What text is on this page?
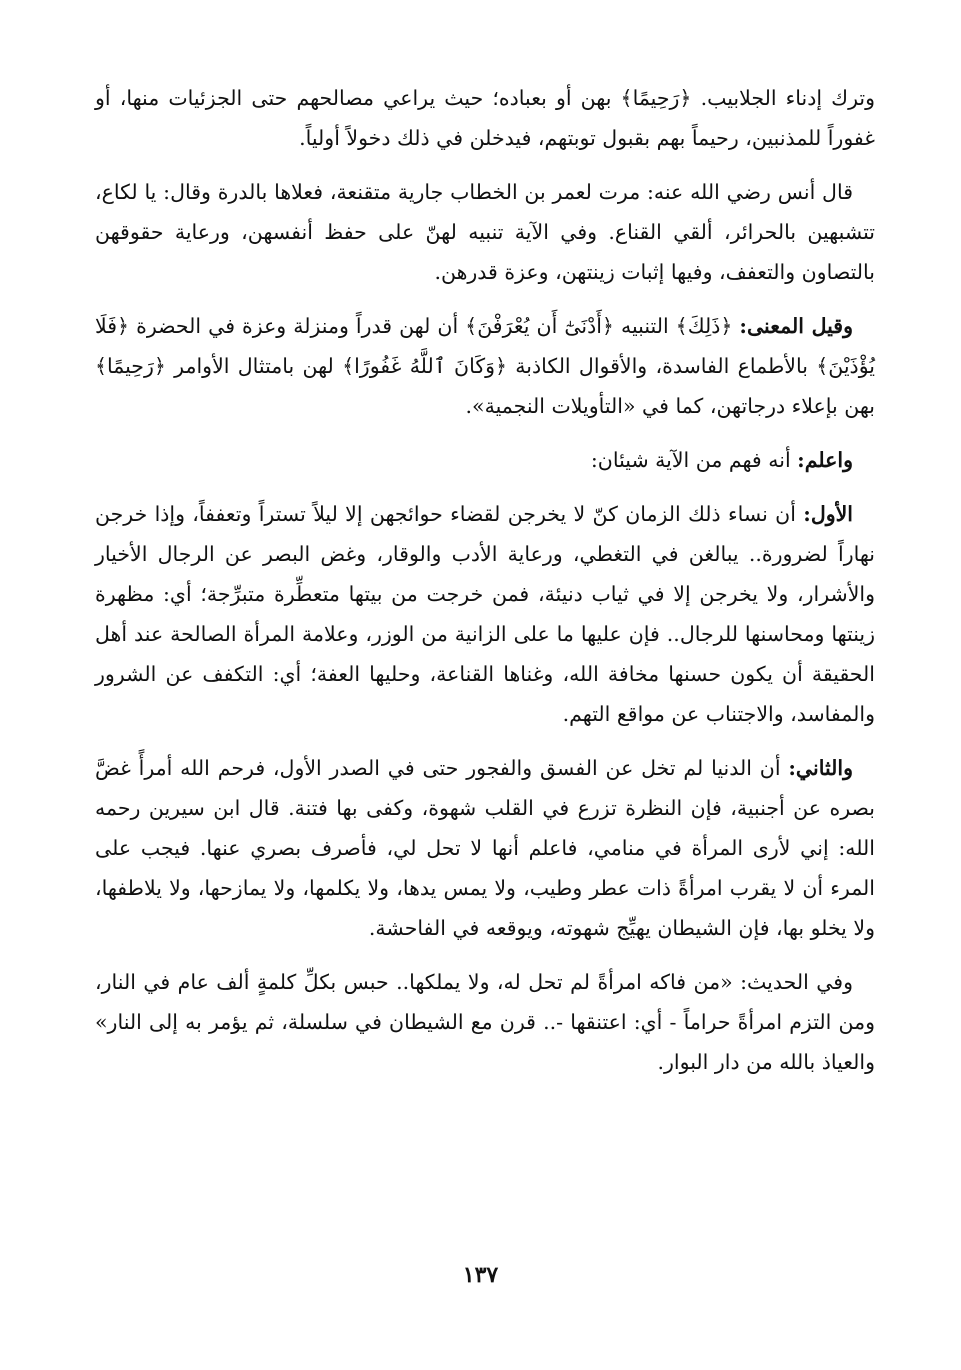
وترك إدناء الجلابيب. ﴿رَحِيمًا﴾ بهن أو بعباده؛ حيث يراعي مصالحهم حتى الجزئيات منها، أو غفوراً للمذنبين، رحيماً بهم بقبول توبتهم، فيدخلن في ذلك دخولاً أولياً.

قال أنس رضي الله عنه: مرت لعمر بن الخطاب جارية متقنعة، فعلاها بالدرة وقال: يا لكاع، تتشبهين بالحرائر، ألقي القناع. وفي الآية تنبيه لهنّ على حفظ أنفسهن، ورعاية حقوقهن بالتصاون والتعفف، وفيها إثبات زينتهن، وعزة قدرهن.

وقيل المعنى: ﴿ذَلِكَ﴾ التنبيه ﴿أَدْنَىٰٓ أَن يُعْرَفْنَ﴾ أن لهن قدراً ومنزلة وعزة في الحضرة ﴿فَلَا يُؤْذَيْنَ﴾ بالأطماع الفاسدة، والأقوال الكاذبة ﴿وَكَانَ ٱللَّهُ غَفُورًا﴾ لهن بامتثال الأوامر ﴿رَحِيمًا﴾ بهن بإعلاء درجاتهن، كما في «التأويلات النجمية».

واعلم: أنه فهم من الآية شيئان:

الأول: أن نساء ذلك الزمان كنّ لا يخرجن لقضاء حوائجهن إلا ليلاً تستراً وتعففاً، وإذا خرجن نهاراً لضرورة.. يبالغن في التغطي، ورعاية الأدب والوقار، وغض البصر عن الرجال الأخيار والأشرار، ولا يخرجن إلا في ثياب دنيئة، فمن خرجت من بيتها متعطِّرة متبرِّجة؛ أي: مظهرة زينتها ومحاسنها للرجال.. فإن عليها ما على الزانية من الوزر، وعلامة المرأة الصالحة عند أهل الحقيقة أن يكون حسنها مخافة الله، وغناها القناعة، وحليها العفة؛ أي: التكفف عن الشرور والمفاسد، والاجتناب عن مواقع التهم.

والثاني: أن الدنيا لم تخل عن الفسق والفجور حتى في الصدر الأول، فرحم الله أمرأً غضَّ بصره عن أجنبية، فإن النظرة تزرع في القلب شهوة، وكفى بها فتنة. قال ابن سيرين رحمه الله: إني لأرى المرأة في منامي، فاعلم أنها لا تحل لي، فأصرف بصري عنها. فيجب على المرء أن لا يقرب امرأةً ذات عطر وطيب، ولا يمس يدها، ولا يكلمها، ولا يمازحها، ولا يلاطفها، ولا يخلو بها، فإن الشيطان يهيِّج شهوته، ويوقعه في الفاحشة.

وفي الحديث: «من فاكه امرأةً لم تحل له، ولا يملكها.. حبس بكلِّ كلمةٍ ألف عام في النار، ومن التزم امرأةً حراماً - أي: اعتنقها -.. قرن مع الشيطان في سلسلة، ثم يؤمر به إلى النار» والعياذ بالله من دار البوار.

١٣٧
